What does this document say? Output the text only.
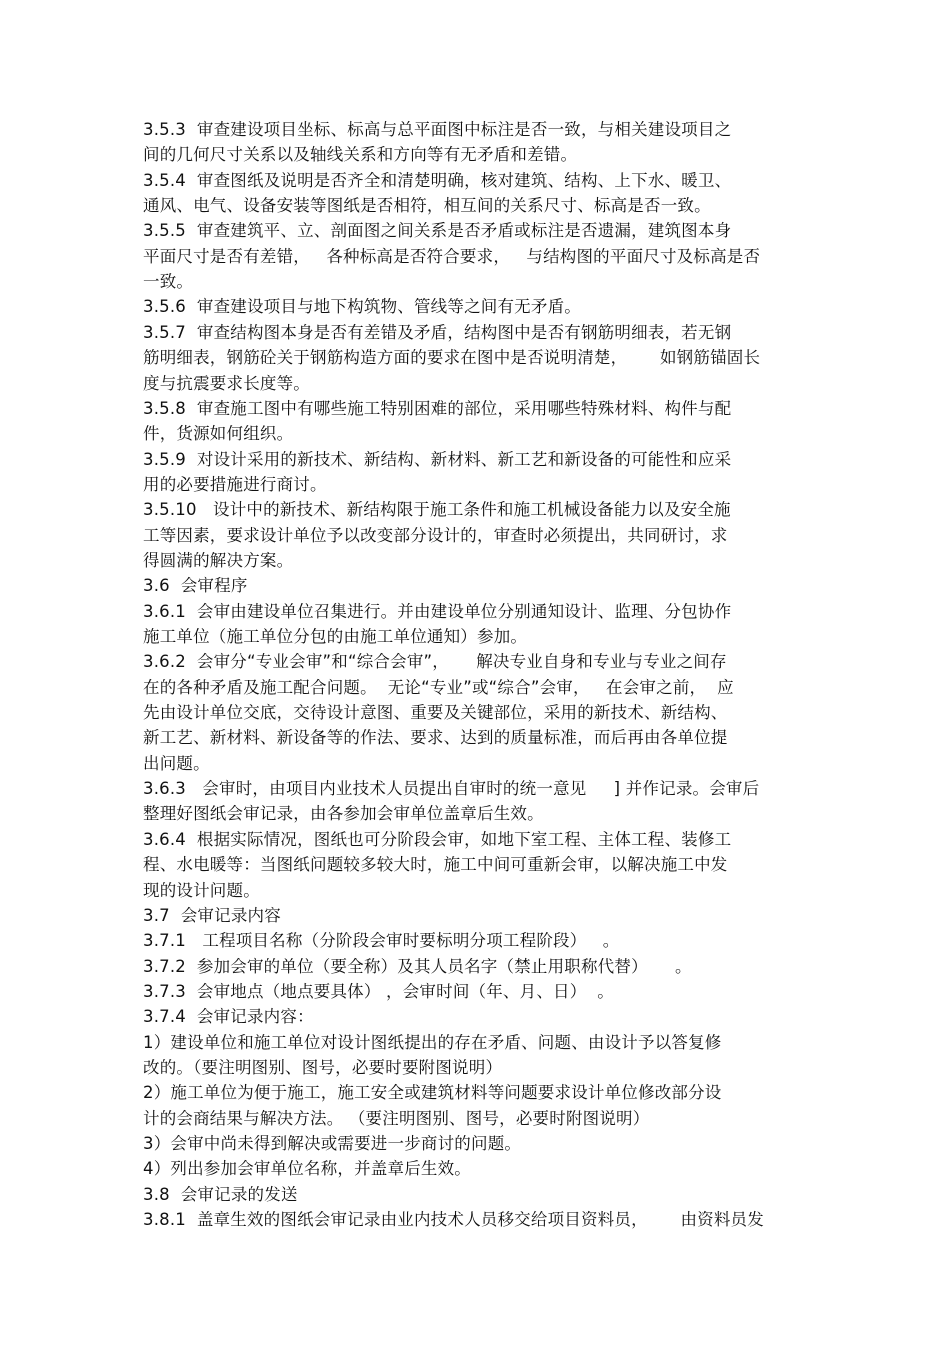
3.5.3  审查建设项目坐标、标高与总平面图中标注是否一致，与相关建设项目之
间的几何尺寸关系以及轴线关系和方向等有无矛盾和差错。
3.5.4  审查图纸及说明是否齐全和清楚明确，核对建筑、结构、上下水、暖卫、
通风、电气、设备安装等图纸是否相符，相互间的关系尺寸、标高是否一致。
3.5.5  审查建筑平、立、剖面图之间关系是否矛盾或标注是否遗漏，建筑图本身
平面尺寸是否有差错，   各种标高是否符合要求，   与结构图的平面尺寸及标高是否
一致。
3.5.6  审查建设项目与地下构筑物、管线等之间有无矛盾。
3.5.7  审查结构图本身是否有差错及矛盾，结构图中是否有钢筋明细表，若无钢
筋明细表，钢筋砼关于钢筋构造方面的要求在图中是否说明清楚，      如钢筋锚固长
度与抗震要求长度等。
3.5.8  审查施工图中有哪些施工特别困难的部位，采用哪些特殊材料、构件与配
件，货源如何组织。
3.5.9  对设计采用的新技术、新结构、新材料、新工艺和新设备的可能性和应采
用的必要措施进行商讨。
3.5.10   设计中的新技术、新结构限于施工条件和施工机械设备能力以及安全施
工等因素，要求设计单位予以改变部分设计的，审查时必须提出，共同研讨，求
得圆满的解决方案。
3.6  会审程序
3.6.1  会审由建设单位召集进行。并由建设单位分别通知设计、监理、分包协作
施工单位（施工单位分包的由施工单位通知）参加。
3.6.2  会审分“专业会审”和“综合会审”，     解决专业自身和专业与专业之间存
在的各种矛盾及施工配合问题。  无论“专业”或“综合”会审，   在会审之前，  应
先由设计单位交底，交待设计意图、重要及关键部位，采用的新技术、新结构、
新工艺、新材料、新设备等的作法、要求、达到的质量标准，而后再由各单位提
出问题。
3.6.3   会审时，由项目内业技术人员提出自审时的统一意见     ] 并作记录。会审后
整理好图纸会审记录，由各参加会审单位盖章后生效。
3.6.4  根据实际情况，图纸也可分阶段会审，如地下室工程、主体工程、装修工
程、水电暖等：当图纸问题较多较大时，施工中间可重新会审，以解决施工中发
现的设计问题。
3.7  会审记录内容
3.7.1   工程项目名称（分阶段会审时要标明分项工程阶段）   。
3.7.2  参加会审的单位（要全称）及其人员名字（禁止用职称代替）     。
3.7.3  会审地点（地点要具体） ，会审时间（年、月、日）  。
3.7.4  会审记录内容：
1）建设单位和施工单位对设计图纸提出的存在矛盾、问题、由设计予以答复修
改的。（要注明图别、图号，必要时要附图说明）
2）施工单位为便于施工，施工安全或建筑材料等问题要求设计单位修改部分设
计的会商结果与解决方法。 （要注明图别、图号，必要时附图说明）
3）会审中尚未得到解决或需要进一步商讨的问题。
4）列出参加会审单位名称，并盖章后生效。
3.8  会审记录的发送
3.8.1  盖章生效的图纸会审记录由业内技术人员移交给项目资料员，      由资料员发
